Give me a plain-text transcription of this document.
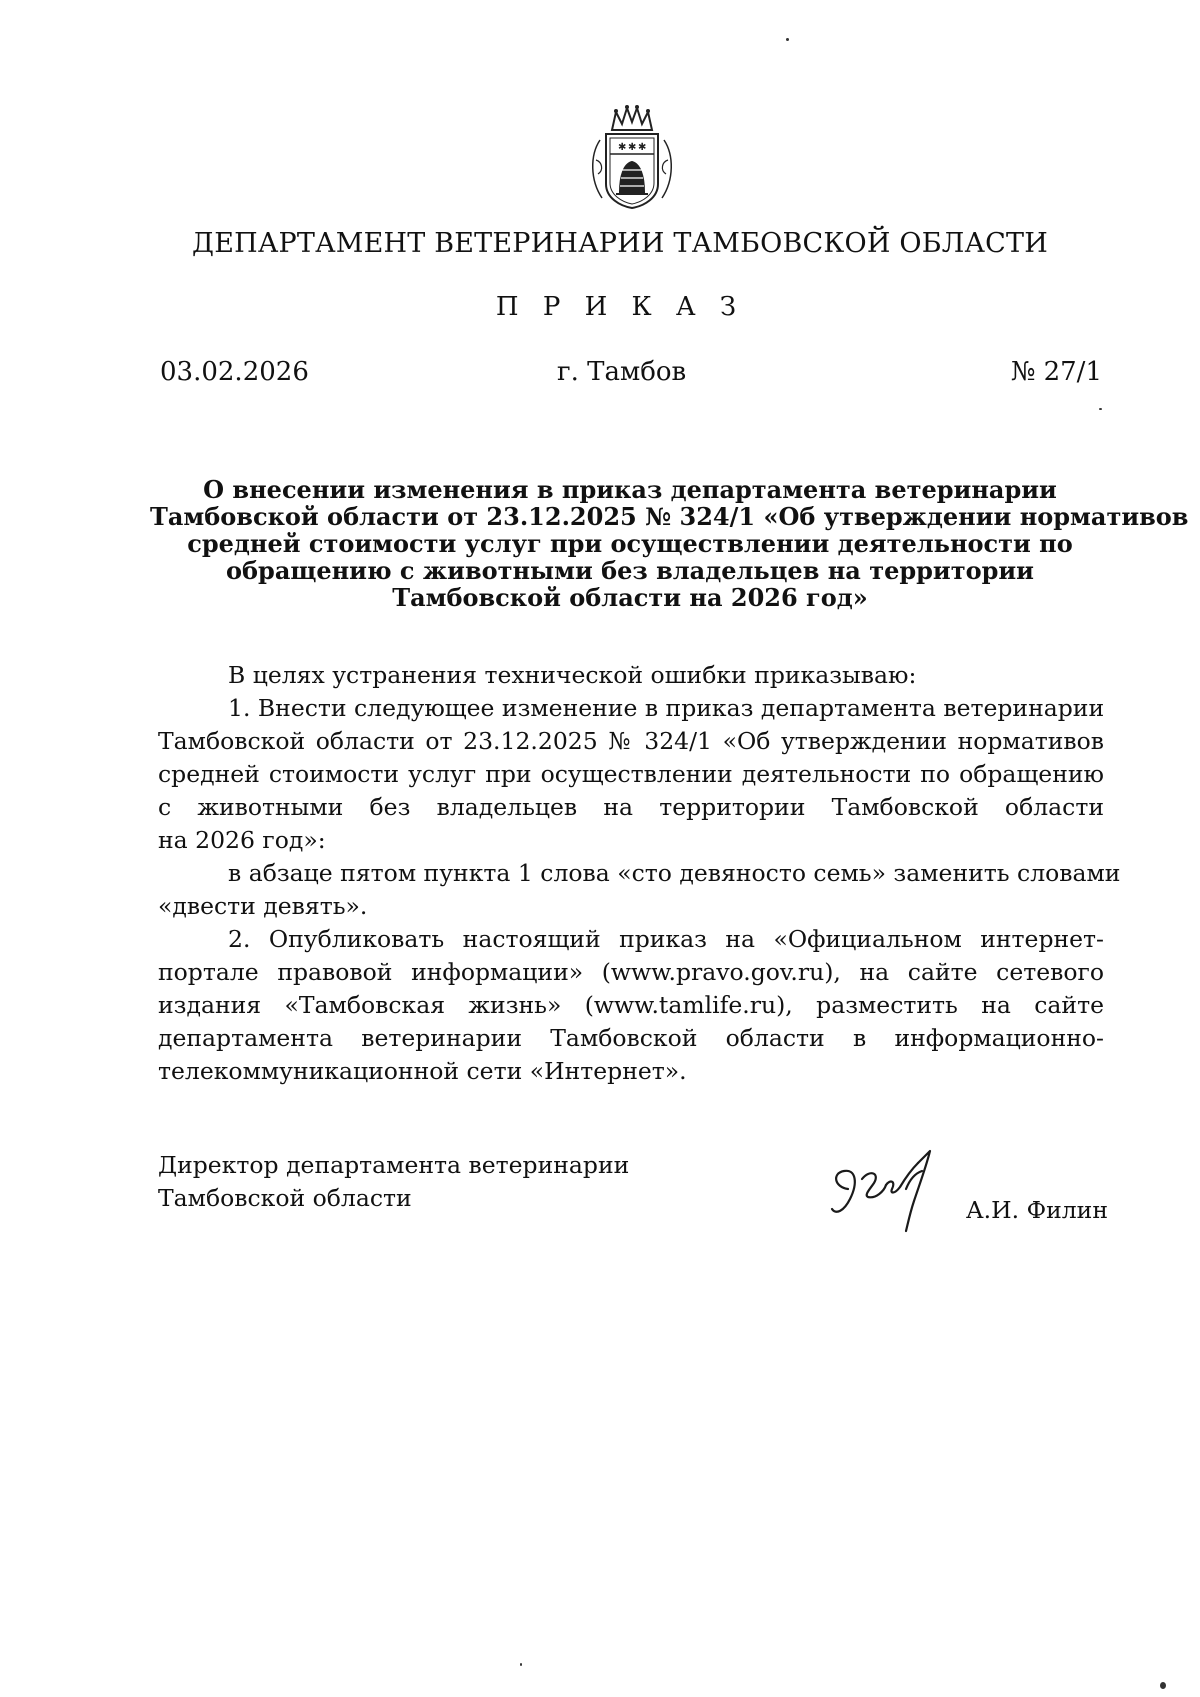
✱ ✱ ✱
ДЕПАРТАМЕНТ ВЕТЕРИНАРИИ ТАМБОВСКОЙ ОБЛАСТИ
П Р И К А З
03.02.2026	г. Тамбов	№ 27/1
О внесении изменения в приказ департамента ветеринарии
Тамбовской области от 23.12.2025 № 324/1 «Об утверждении нормативов
средней стоимости услуг при осуществлении деятельности по
обращению с животными без владельцев на территории
Тамбовской области на 2026 год»
В целях устранения технической ошибки приказываю:
1. Внести следующее изменение в приказ департамента ветеринарии
Тамбовской области от 23.12.2025 № 324/1 «Об утверждении нормативов
средней стоимости услуг при осуществлении деятельности по обращению
с животными без владельцев на территории Тамбовской области
на 2026 год»:
в абзаце пятом пункта 1 слова «сто девяносто семь» заменить словами
«двести девять».
2. Опубликовать настоящий приказ на «Официальном интернет-
портале правовой информации» (www.pravo.gov.ru), на сайте сетевого
издания «Тамбовская жизнь» (www.tamlife.ru), разместить на сайте
департамента ветеринарии Тамбовской области в информационно-
телекоммуникационной сети «Интернет».
Директор департамента ветеринарии
Тамбовской области	А.И. Филин
